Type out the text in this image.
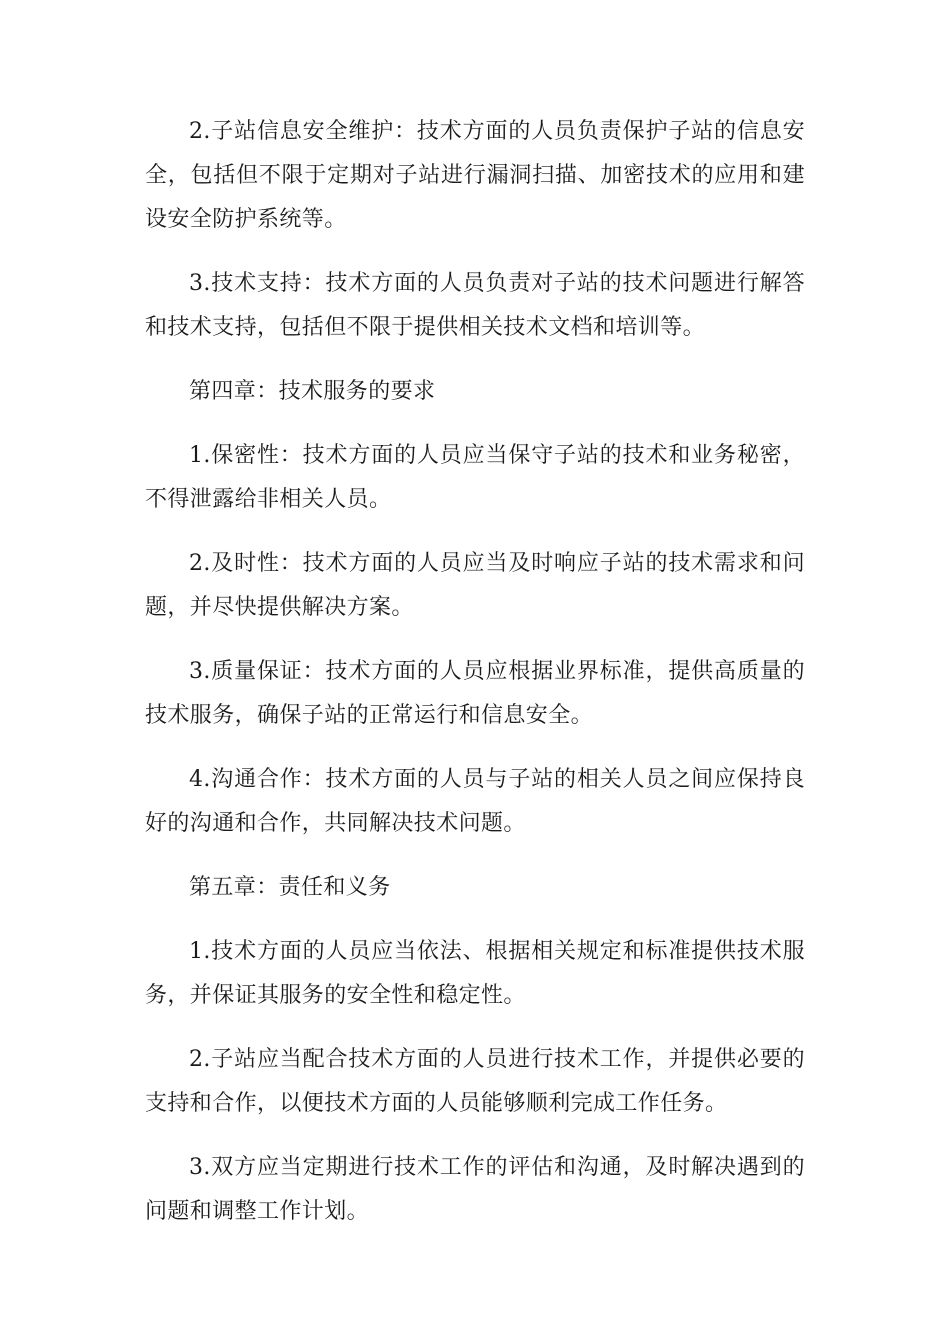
2.子站信息安全维护：技术方面的人员负责保护子站的信息安全，包括但不限于定期对子站进行漏洞扫描、加密技术的应用和建设安全防护系统等。

3.技术支持：技术方面的人员负责对子站的技术问题进行解答和技术支持，包括但不限于提供相关技术文档和培训等。

第四章：技术服务的要求

1.保密性：技术方面的人员应当保守子站的技术和业务秘密，不得泄露给非相关人员。

2.及时性：技术方面的人员应当及时响应子站的技术需求和问题，并尽快提供解决方案。

3.质量保证：技术方面的人员应根据业界标准，提供高质量的技术服务，确保子站的正常运行和信息安全。

4.沟通合作：技术方面的人员与子站的相关人员之间应保持良好的沟通和合作，共同解决技术问题。

第五章：责任和义务

1.技术方面的人员应当依法、根据相关规定和标准提供技术服务，并保证其服务的安全性和稳定性。

2.子站应当配合技术方面的人员进行技术工作，并提供必要的支持和合作，以便技术方面的人员能够顺利完成工作任务。

3.双方应当定期进行技术工作的评估和沟通，及时解决遇到的问题和调整工作计划。
